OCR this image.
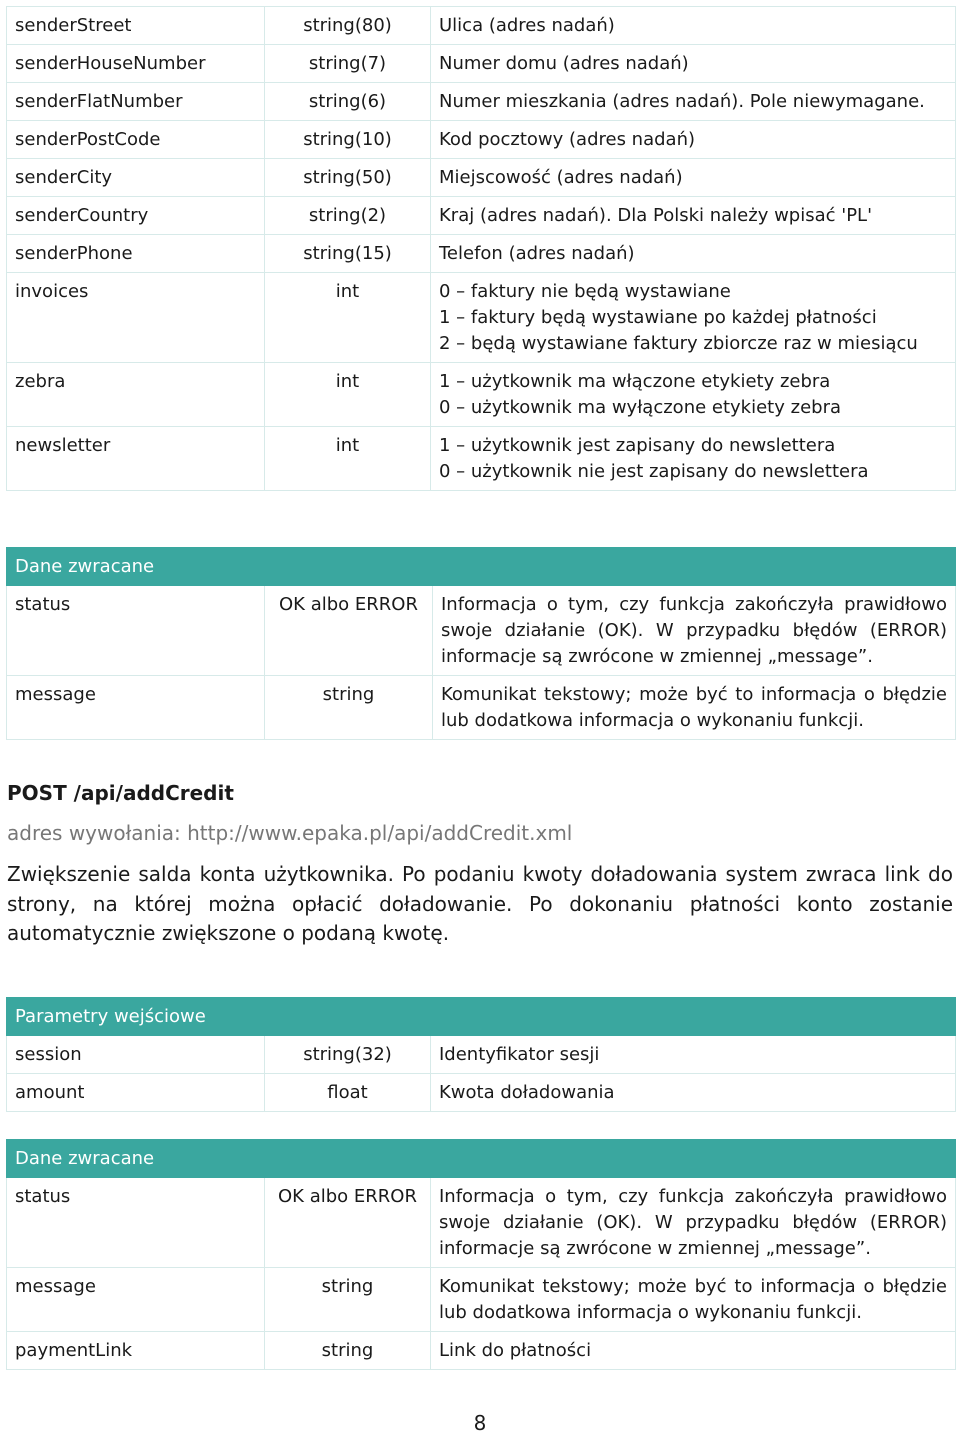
senderStreet	string(80)	Ulica (adres nadań)

senderHouseNumber	string(7)	Numer domu (adres nadań)

senderFlatNumber	string(6)	Numer mieszkania (adres nadań). Pole niewymagane.

senderPostCode	string(10)	Kod pocztowy (adres nadań)

senderCity	string(50)	Miejscowość (adres nadań)

senderCountry	string(2)	Kraj (adres nadań). Dla Polski należy wpisać 'PL'

senderPhone	string(15)	Telefon (adres nadań)

invoices	int	0 – faktury nie będą wystawiane
1 – faktury będą wystawiane po każdej płatności
2 – będą wystawiane faktury zbiorcze raz w miesiącu

zebra	int	1 – użytkownik ma włączone etykiety zebra
0 – użytkownik ma wyłączone etykiety zebra

newsletter	int	1 – użytkownik jest zapisany do newslettera
0 – użytkownik nie jest zapisany do newslettera
Dane zwracane		
status	OK albo ERROR	Informacja o tym, czy funkcja zakończyła prawidłowo swoje działanie (OK). W przypadku błędów (ERROR) informacje są zwrócone w zmiennej „message”.
message	string	Komunikat tekstowy; może być to informacja o błędzie lub dodatkowa informacja o wykonaniu funkcji.
POST /api/addCredit
adres wywołania: http://www.epaka.pl/api/addCredit.xml
Zwiększenie salda konta użytkownika. Po podaniu kwoty doładowania system zwraca link do strony, na której można opłacić doładowanie. Po dokonaniu płatności konto zostanie automatycznie zwiększone o podaną kwotę.
Parametry wejściowe		
session	string(32)	Identyfikator sesji
amount	float	Kwota doładowania
Dane zwracane		
status	OK albo ERROR	Informacja o tym, czy funkcja zakończyła prawidłowo swoje działanie (OK). W przypadku błędów (ERROR) informacje są zwrócone w zmiennej „message”.
message	string	Komunikat tekstowy; może być to informacja o błędzie lub dodatkowa informacja o wykonaniu funkcji.
paymentLink	string	Link do płatności
8
